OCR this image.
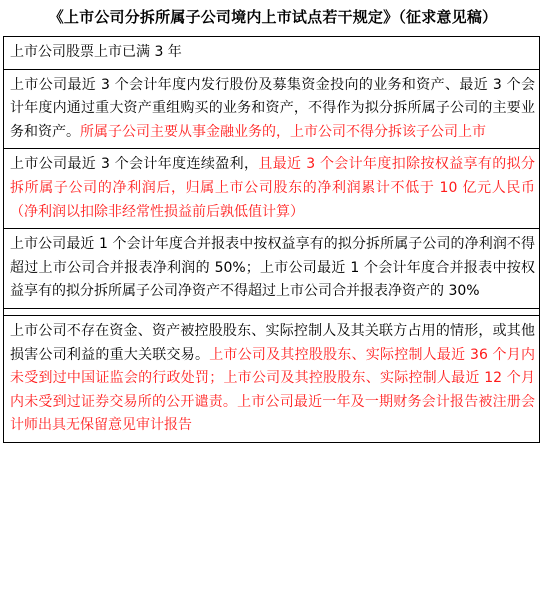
《上市公司分拆所属子公司境内上市试点若干规定》（征求意见稿）
上市公司股票上市已满 3 年
上市公司最近 3 个会计年度内发行股份及募集资金投向的业务和资产、最近 3 个会计年度内通过重大资产重组购买的业务和资产，不得作为拟分拆所属子公司的主要业务和资产。所属子公司主要从事金融业务的，上市公司不得分拆该子公司上市
上市公司最近 3 个会计年度连续盈利，且最近 3 个会计年度扣除按权益享有的拟分拆所属子公司的净利润后，归属上市公司股东的净利润累计不低于 10 亿元人民币（净利润以扣除非经常性损益前后孰低值计算）
上市公司最近 1 个会计年度合并报表中按权益享有的拟分拆所属子公司的净利润不得超过上市公司合并报表净利润的 50%；上市公司最近 1 个会计年度合并报表中按权益享有的拟分拆所属子公司净资产不得超过上市公司合并报表净资产的 30%
上市公司不存在资金、资产被控股股东、实际控制人及其关联方占用的情形，或其他损害公司利益的重大关联交易。上市公司及其控股股东、实际控制人最近 36 个月内未受到过中国证监会的行政处罚；上市公司及其控股股东、实际控制人最近 12 个月内未受到过证券交易所的公开谴责。上市公司最近一年及一期财务会计报告被注册会计师出具无保留意见审计报告
